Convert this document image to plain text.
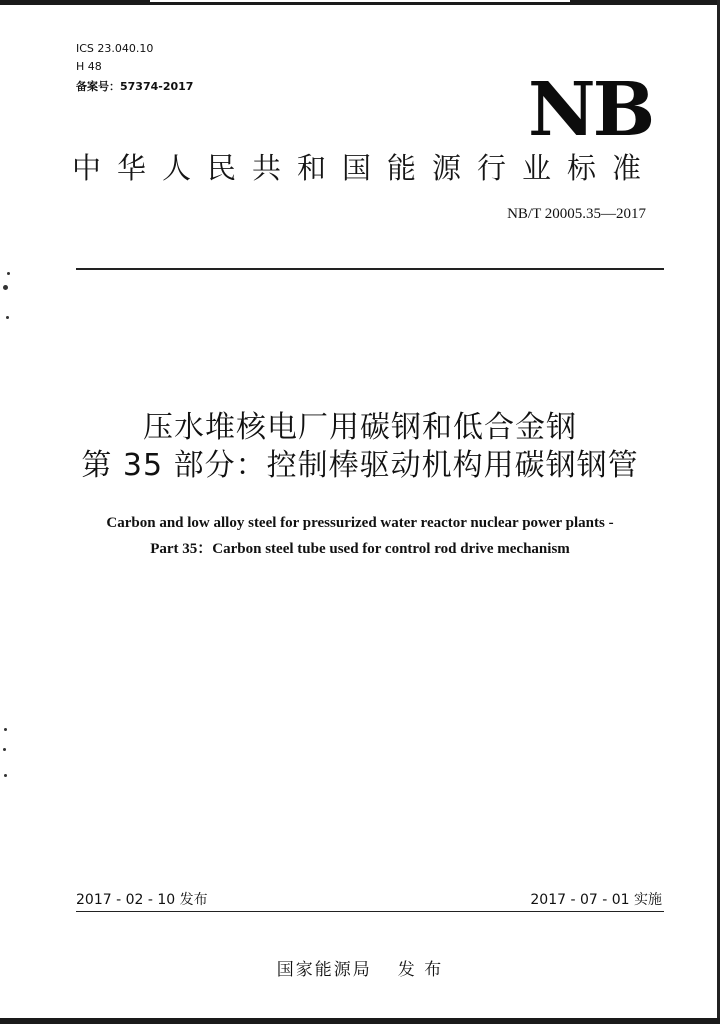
ICS 23.040.10
H 48
备案号：57374-2017	NB
中华人民共和国能源行业标准
NB/T 20005.35—2017
压水堆核电厂用碳钢和低合金钢
第 35 部分：控制棒驱动机构用碳钢钢管
Carbon and low alloy steel for pressurized water reactor nuclear power plants -
Part 35：Carbon steel tube used for control rod drive mechanism
2017 - 02 - 10 发布	2017 - 07 - 01 实施
国家能源局 发 布
